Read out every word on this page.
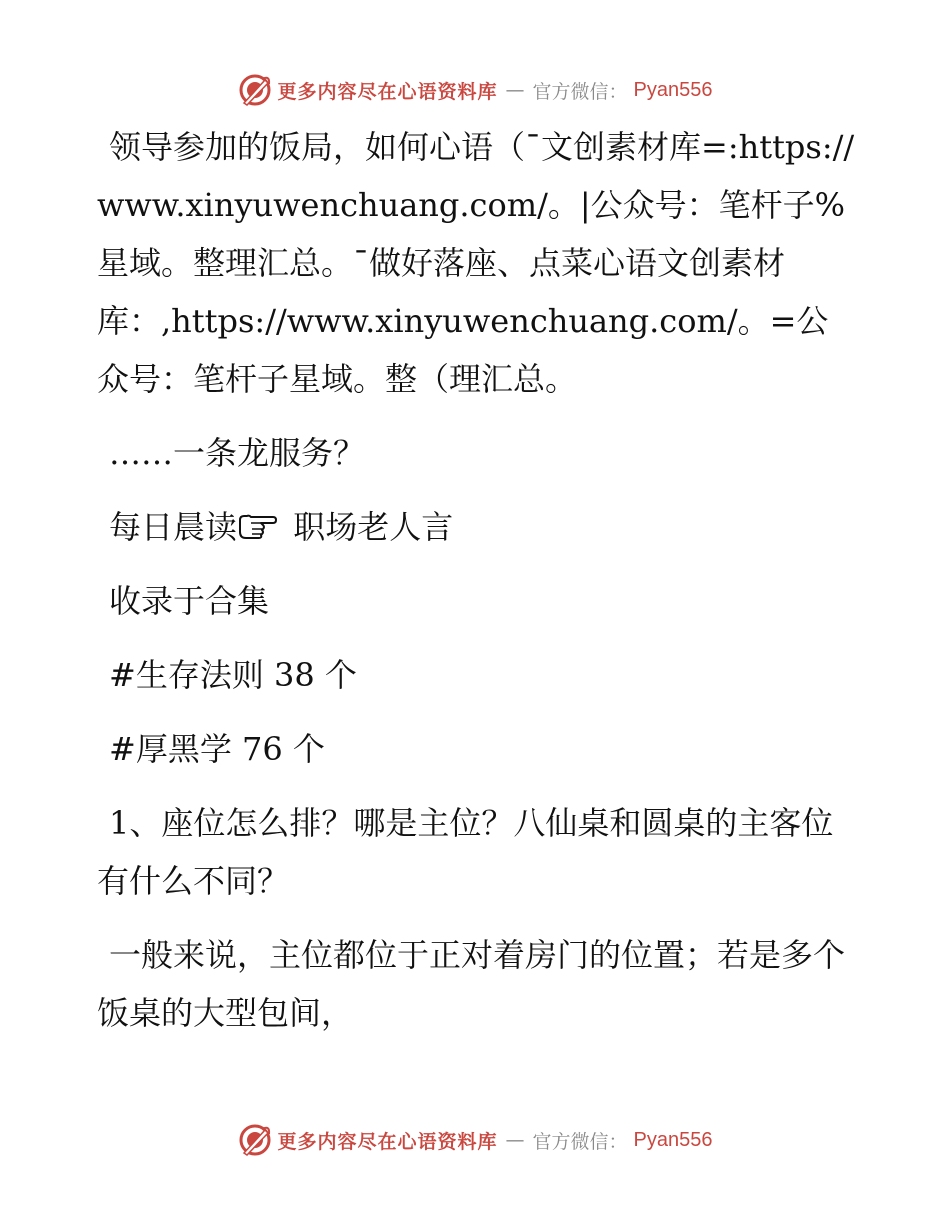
更多内容尽在心语资料库 — 官方微信： Pyan556

领导参加的饭局，如何心语（¯文创素材库=:https://www.xinyuwenchuang.com/。|公众号：笔杆子%星域。整理汇总。¯做好落座、点菜心语文创素材库：,https://www.xinyuwenchuang.com/。=公众号：笔杆子星域。整（理汇总。

……一条龙服务？

每日晨读 职场老人言

收录于合集

#生存法则 38 个

#厚黑学 76 个

1、座位怎么排？哪是主位？八仙桌和圆桌的主客位有什么不同？

一般来说，主位都位于正对着房门的位置；若是多个饭桌的大型包间，

更多内容尽在心语资料库 — 官方微信： Pyan556
